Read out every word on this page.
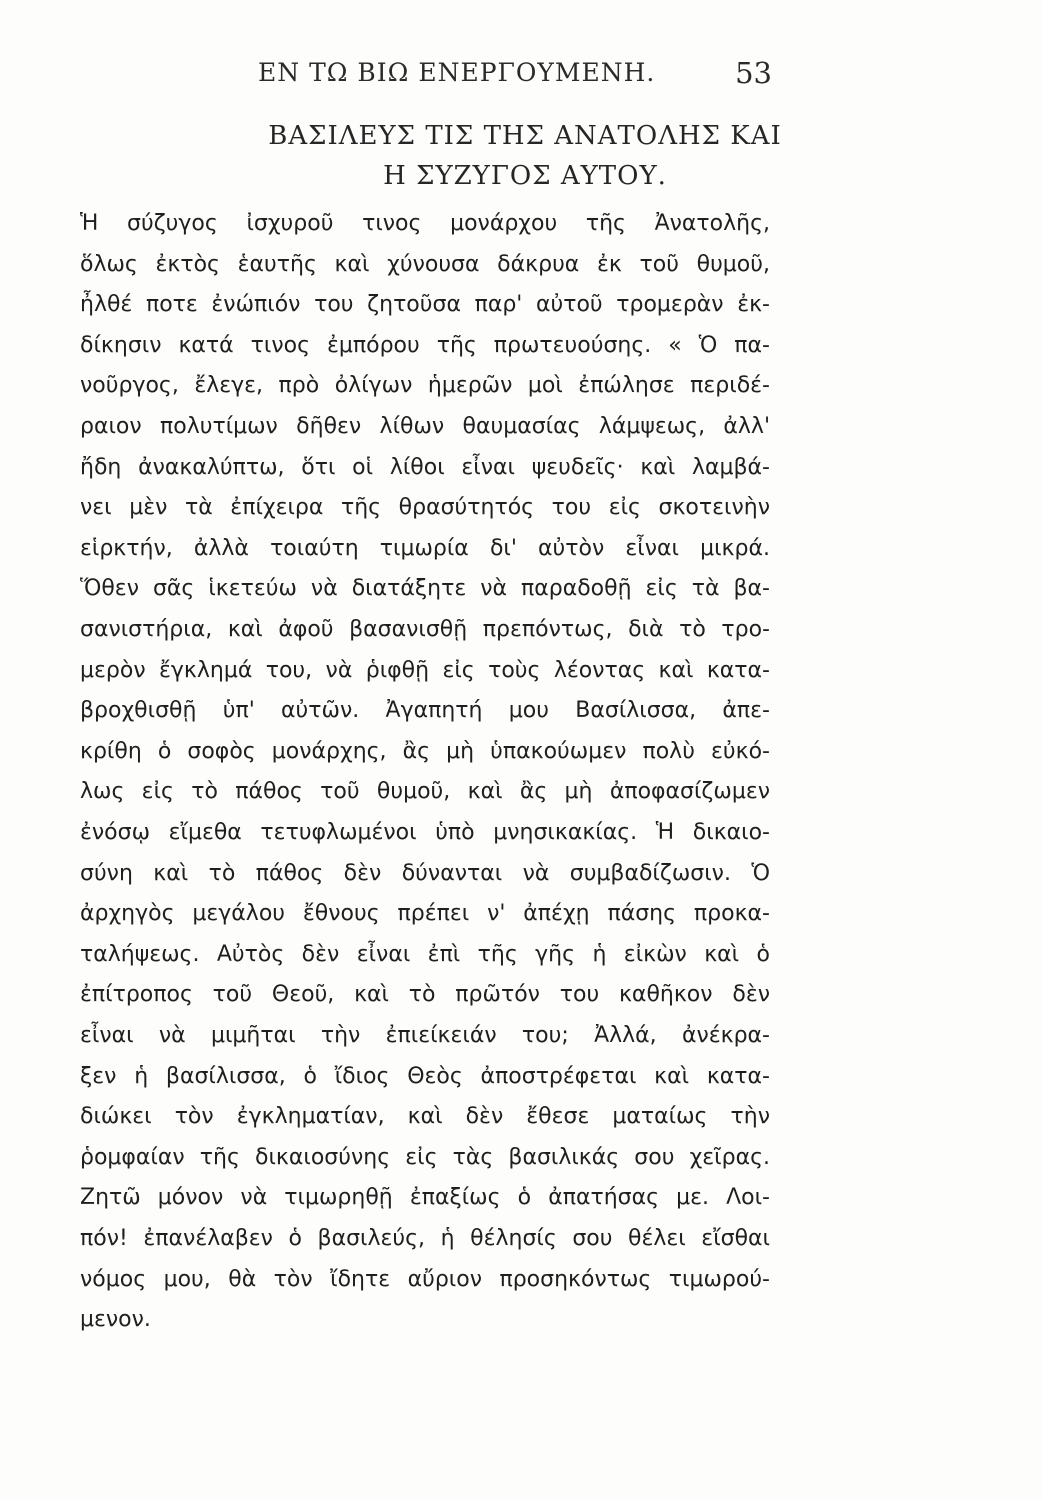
ΕΝ ΤΩ ΒΙΩ ΕΝΕΡΓΟΥΜΕΝΗ.	53
ΒΑΣΙΛΕΥΣ ΤΙΣ ΤΗΣ ΑΝΑΤΟΛΗΣ ΚΑΙ
Η ΣΥΖΥΓΟΣ ΑΥΤΟΥ.
Ἡ σύζυγος ἰσχυροῦ τινος μονάρχου τῆς Ἀνατολῆς,
ὅλως ἐκτὸς ἑαυτῆς καὶ χύνουσα δάκρυα ἐκ τοῦ θυμοῦ,
ἦλθέ ποτε ἐνώπιόν του ζητοῦσα παρ' αὐτοῦ τρομερὰν ἐκ-
δίκησιν κατά τινος ἐμπόρου τῆς πρωτευούσης. « Ὁ πα-
νοῦργος, ἔλεγε, πρὸ ὀλίγων ἡμερῶν μοὶ ἐπώλησε περιδέ-
ραιον πολυτίμων δῆθεν λίθων θαυμασίας λάμψεως, ἀλλ'
ἤδη ἀνακαλύπτω, ὅτι οἱ λίθοι εἶναι ψευδεῖς· καὶ λαμβά-
νει μὲν τὰ ἐπίχειρα τῆς θρασύτητός του εἰς σκοτεινὴν
εἱρκτήν, ἀλλὰ τοιαύτη τιμωρία δι' αὐτὸν εἶναι μικρά.
Ὅθεν σᾶς ἱκετεύω νὰ διατάξητε νὰ παραδοθῇ εἰς τὰ βα-
σανιστήρια, καὶ ἀφοῦ βασανισθῇ πρεπόντως, διὰ τὸ τρο-
μερὸν ἔγκλημά του, νὰ ῥιφθῇ εἰς τοὺς λέοντας καὶ κατα-
βροχθισθῇ ὑπ' αὐτῶν. Ἀγαπητή μου Βασίλισσα, ἀπε-
κρίθη ὁ σοφὸς μονάρχης, ἂς μὴ ὑπακούωμεν πολὺ εὐκό-
λως εἰς τὸ πάθος τοῦ θυμοῦ, καὶ ἂς μὴ ἀποφασίζωμεν
ἐνόσῳ εἴμεθα τετυφλωμένοι ὑπὸ μνησικακίας. Ἡ δικαιο-
σύνη καὶ τὸ πάθος δὲν δύνανται νὰ συμβαδίζωσιν. Ὁ
ἀρχηγὸς μεγάλου ἔθνους πρέπει ν' ἀπέχῃ πάσης προκα-
ταλήψεως. Αὐτὸς δὲν εἶναι ἐπὶ τῆς γῆς ἡ εἰκὼν καὶ ὁ
ἐπίτροπος τοῦ Θεοῦ, καὶ τὸ πρῶτόν του καθῆκον δὲν
εἶναι νὰ μιμῆται τὴν ἐπιείκειάν του; Ἀλλά, ἀνέκρα-
ξεν ἡ βασίλισσα, ὁ ἴδιος Θεὸς ἀποστρέφεται καὶ κατα-
διώκει τὸν ἐγκληματίαν, καὶ δὲν ἔθεσε ματαίως τὴν
ῥομφαίαν τῆς δικαιοσύνης εἰς τὰς βασιλικάς σου χεῖρας.
Ζητῶ μόνον νὰ τιμωρηθῇ ἐπαξίως ὁ ἀπατήσας με. Λοι-
πόν! ἐπανέλαβεν ὁ βασιλεύς, ἡ θέλησίς σου θέλει εἴσθαι
νόμος μου, θὰ τὸν ἴδητε αὔριον προσηκόντως τιμωρού-
μενον.
